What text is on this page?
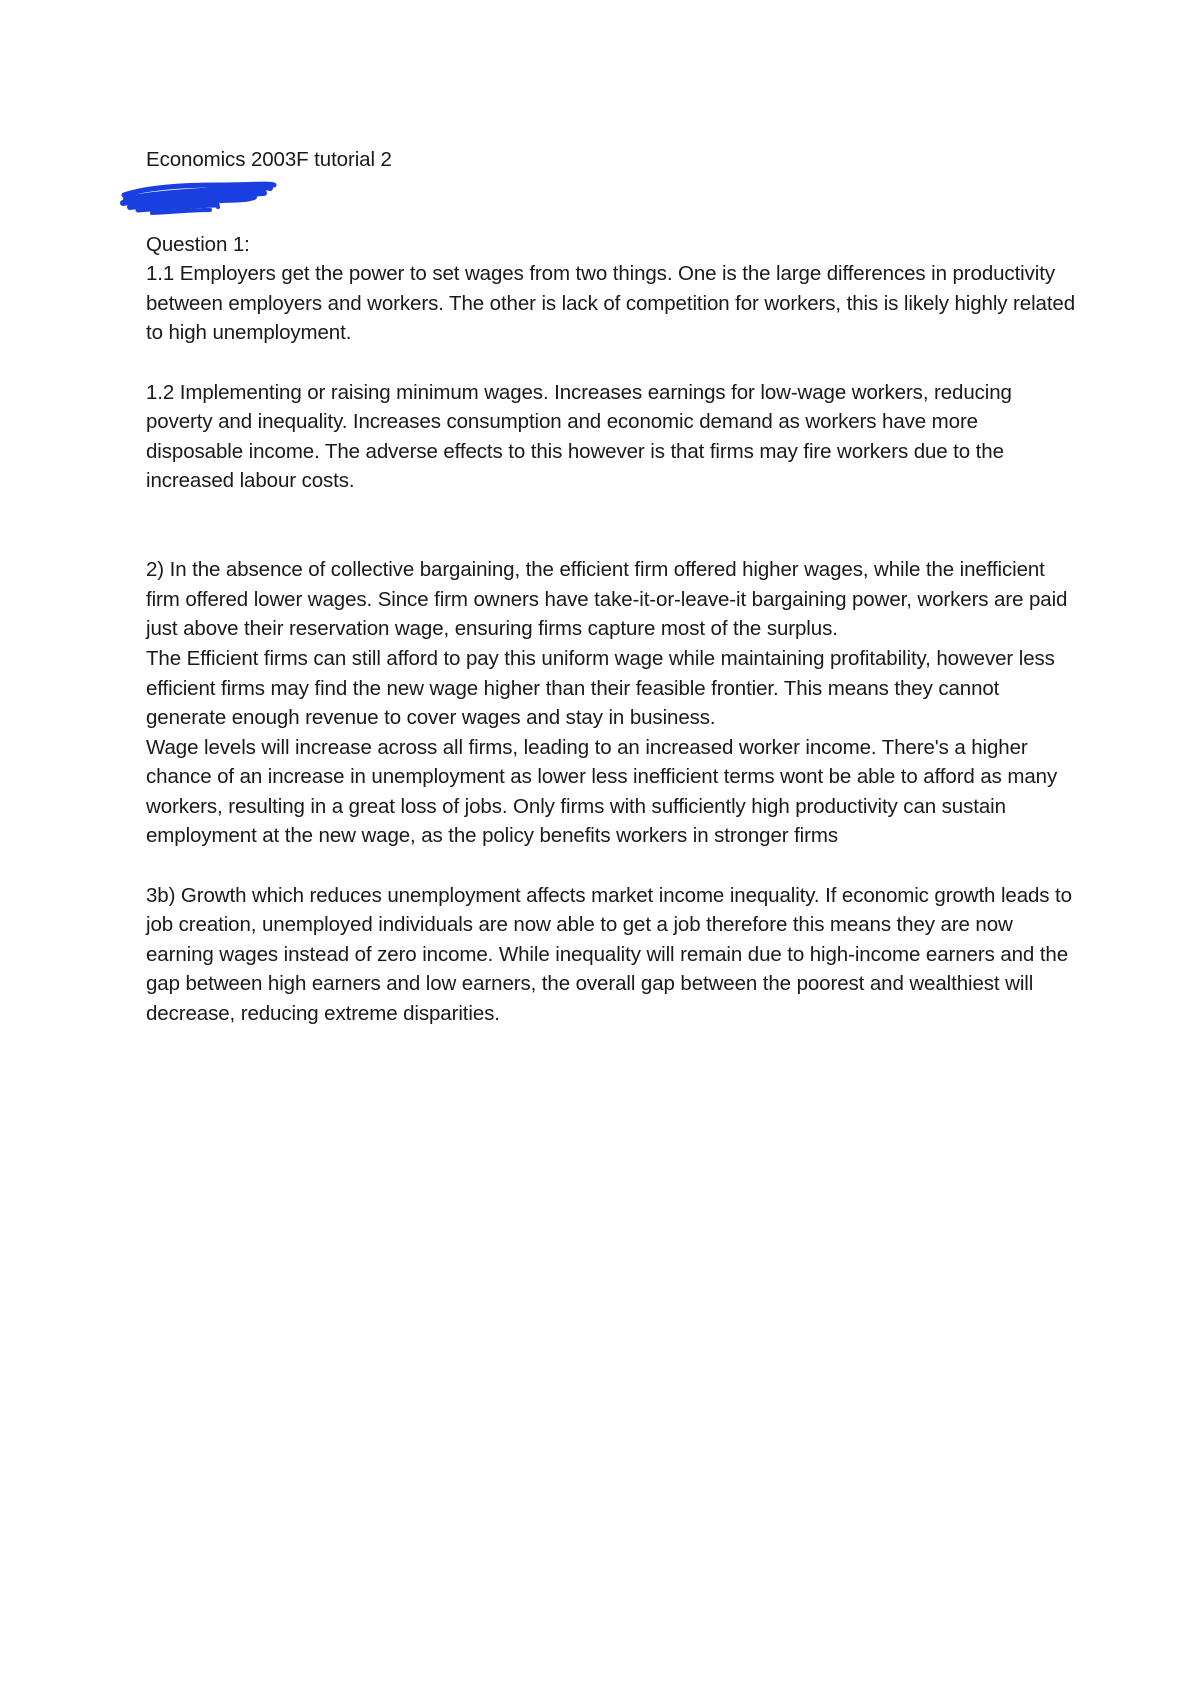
Economics 2003F tutorial 2

Question 1:

1.1 Employers get the power to set wages from two things. One is the large differences in productivity between employers and workers. The other is lack of competition for workers, this is likely highly related to high unemployment.

1.2 Implementing or raising minimum wages. Increases earnings for low-wage workers, reducing poverty and inequality. Increases consumption and economic demand as workers have more disposable income. The adverse effects to this however is that firms may fire workers due to the increased labour costs.

2) In the absence of collective bargaining, the efficient firm offered higher wages, while the inefficient firm offered lower wages. Since firm owners have take-it-or-leave-it bargaining power, workers are paid just above their reservation wage, ensuring firms capture most of the surplus.

The Efficient firms can still afford to pay this uniform wage while maintaining profitability, however less efficient firms may find the new wage higher than their feasible frontier. This means they cannot generate enough revenue to cover wages and stay in business.

Wage levels will increase across all firms, leading to an increased worker income. There's a higher chance of an increase in unemployment as lower less inefficient terms wont be able to afford as many workers, resulting in a great loss of jobs. Only firms with sufficiently high productivity can sustain employment at the new wage, as the policy benefits workers in stronger firms

3b) Growth which reduces unemployment affects market income inequality. If economic growth leads to job creation, unemployed individuals are now able to get a job therefore this means they are now earning wages instead of zero income. While inequality will remain due to high-income earners and the gap between high earners and low earners, the overall gap between the poorest and wealthiest will decrease, reducing extreme disparities.
